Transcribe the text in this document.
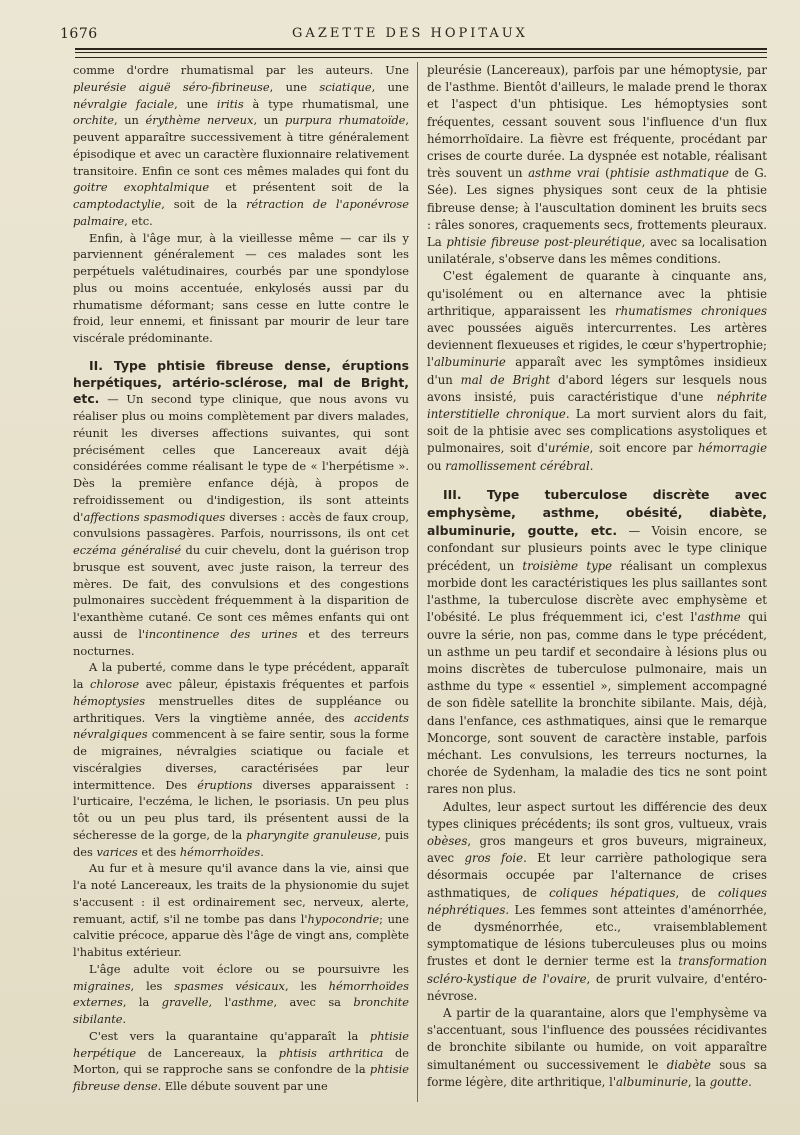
1676	GAZETTE DES HOPITAUX

comme d'ordre rhumatismal par les auteurs. Une pleurésie aiguë séro-fibrineuse, une sciatique, une névralgie faciale, une iritis à type rhumatismal, une orchite, un érythème nerveux, un purpura rhumatoïde, peuvent apparaître successivement à titre généralement épisodique et avec un caractère fluxionnaire relativement transitoire. Enfin ce sont ces mêmes malades qui font du goitre exophtalmique et présentent soit de la camptodactylie, soit de la rétraction de l'aponévrose palmaire, etc.

Enfin, à l'âge mur, à la vieillesse même — car ils y parviennent généralement — ces malades sont les perpétuels valétudinaires, courbés par une spondylose plus ou moins accentuée, enkylosés aussi par du rhumatisme déformant; sans cesse en lutte contre le froid, leur ennemi, et finissant par mourir de leur tare viscérale prédominante.

II. Type phtisie fibreuse dense, éruptions herpétiques, artério-sclérose, mal de Bright, etc. — Un second type clinique, que nous avons vu réaliser plus ou moins complètement par divers malades, réunit les diverses affections suivantes, qui sont précisément celles que Lancereaux avait déjà considérées comme réalisant le type de « l'herpétisme ». Dès la première enfance déjà, à propos de refroidissement ou d'indigestion, ils sont atteints d'affections spasmodiques diverses : accès de faux croup, convulsions passagères. Parfois, nourrissons, ils ont cet eczéma généralisé du cuir chevelu, dont la guérison trop brusque est souvent, avec juste raison, la terreur des mères. De fait, des convulsions et des congestions pulmonaires succèdent fréquemment à la disparition de l'exanthème cutané. Ce sont ces mêmes enfants qui ont aussi de l'incontinence des urines et des terreurs nocturnes.

A la puberté, comme dans le type précédent, apparaît la chlorose avec pâleur, épistaxis fréquentes et parfois hémoptysies menstruelles dites de suppléance ou arthritiques. Vers la vingtième année, des accidents névralgiques commencent à se faire sentir, sous la forme de migraines, névralgies sciatique ou faciale et viscéralgies diverses, caractérisées par leur intermittence. Des éruptions diverses apparaissent : l'urticaire, l'eczéma, le lichen, le psoriasis. Un peu plus tôt ou un peu plus tard, ils présentent aussi de la sécheresse de la gorge, de la pharyngite granuleuse, puis des varices et des hémorrhoïdes.

Au fur et à mesure qu'il avance dans la vie, ainsi que l'a noté Lancereaux, les traits de la physionomie du sujet s'accusent : il est ordinairement sec, nerveux, alerte, remuant, actif, s'il ne tombe pas dans l'hypocondrie; une calvitie précoce, apparue dès l'âge de vingt ans, complète l'habitus extérieur.

L'âge adulte voit éclore ou se poursuivre les migraines, les spasmes vésicaux, les hémorrhoïdes externes, la gravelle, l'asthme, avec sa bronchite sibilante.

C'est vers la quarantaine qu'apparaît la phtisie herpétique de Lancereaux, la phtisis arthritica de Morton, qui se rapproche sans se confondre de la phtisie fibreuse dense. Elle débute souvent par une

pleurésie (Lancereaux), parfois par une hémoptysie, par de l'asthme. Bientôt d'ailleurs, le malade prend le thorax et l'aspect d'un phtisique. Les hémoptysies sont fréquentes, cessant souvent sous l'influence d'un flux hémorrhoïdaire. La fièvre est fréquente, procédant par crises de courte durée. La dyspnée est notable, réalisant très souvent un asthme vrai (phtisie asthmatique de G. Sée). Les signes physiques sont ceux de la phtisie fibreuse dense; à l'auscultation dominent les bruits secs : râles sonores, craquements secs, frottements pleuraux. La phtisie fibreuse post-pleurétique, avec sa localisation unilatérale, s'observe dans les mêmes conditions.

C'est également de quarante à cinquante ans, qu'isolément ou en alternance avec la phtisie arthritique, apparaissent les rhumatismes chroniques avec poussées aiguës intercurrentes. Les artères deviennent flexueuses et rigides, le cœur s'hypertrophie; l'albuminurie apparaît avec les symptômes insidieux d'un mal de Bright d'abord légers sur lesquels nous avons insisté, puis caractéristique d'une néphrite interstitielle chronique. La mort survient alors du fait, soit de la phtisie avec ses complications asystoliques et pulmonaires, soit d'urémie, soit encore par hémorragie ou ramollissement cérébral.

III. Type tuberculose discrète avec emphysème, asthme, obésité, diabète, albuminurie, goutte, etc. — Voisin encore, se confondant sur plusieurs points avec le type clinique précédent, un troisième type réalisant un complexus morbide dont les caractéristiques les plus saillantes sont l'asthme, la tuberculose discrète avec emphysème et l'obésité. Le plus fréquemment ici, c'est l'asthme qui ouvre la série, non pas, comme dans le type précédent, un asthme un peu tardif et secondaire à lésions plus ou moins discrètes de tuberculose pulmonaire, mais un asthme du type « essentiel », simplement accompagné de son fidèle satellite la bronchite sibilante. Mais, déjà, dans l'enfance, ces asthmatiques, ainsi que le remarque Moncorge, sont souvent de caractère instable, parfois méchant. Les convulsions, les terreurs nocturnes, la chorée de Sydenham, la maladie des tics ne sont point rares non plus.

Adultes, leur aspect surtout les différencie des deux types cliniques précédents; ils sont gros, vultueux, vrais obèses, gros mangeurs et gros buveurs, migraineux, avec gros foie. Et leur carrière pathologique sera désormais occupée par l'alternance de crises asthmatiques, de coliques hépatiques, de coliques néphrétiques. Les femmes sont atteintes d'aménorrhée, de dysménorrhée, etc., vraisemblablement symptomatique de lésions tuberculeuses plus ou moins frustes et dont le dernier terme est la transformation scléro-kystique de l'ovaire, de prurit vulvaire, d'entéro-névrose.

A partir de la quarantaine, alors que l'emphysème va s'accentuant, sous l'influence des poussées récidivantes de bronchite sibilante ou humide, on voit apparaître simultanément ou successivement le diabète sous sa forme légère, dite arthritique, l'albuminurie, la goutte.
